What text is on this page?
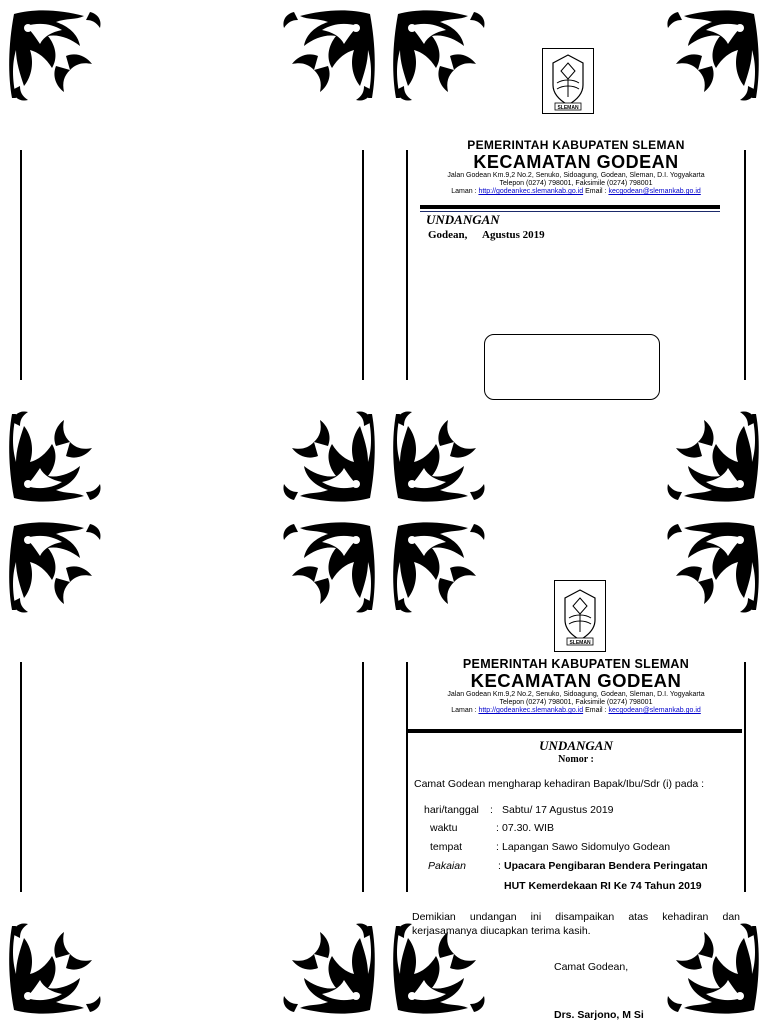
SLEMAN
PEMERINTAH KABUPATEN SLEMAN
KECAMATAN GODEAN
Jalan Godean Km.9,2 No.2, Senuko, Sidoagung, Godean, Sleman, D.I. Yogyakarta
Telepon (0274) 798001, Faksimile (0274) 798001
Laman : http://godeankec.slemankab.go.id Email : kecgodean@slemankab.go.id
UNDANGAN
Godean, Agustus 2019
SLEMAN
PEMERINTAH KABUPATEN SLEMAN
KECAMATAN GODEAN
Jalan Godean Km.9,2 No.2, Senuko, Sidoagung, Godean, Sleman, D.I. Yogyakarta
Telepon (0274) 798001, Faksimile (0274) 798001
Laman : http://godeankec.slemankab.go.id Email : kecgodean@slemankab.go.id
UNDANGAN
Nomor :
Camat Godean mengharap kehadiran Bapak/Ibu/Sdr (i) pada :
hari/tanggal : Sabtu/ 17 Agustus 2019
waktu	: 07.30. WIB
tempat	: Lapangan Sawo Sidomulyo Godean
Pakaian	: Upacara Pengibaran Bendera Peringatan
HUT Kemerdekaan RI Ke 74 Tahun 2019
Demikian undangan ini disampaikan atas kehadiran dan kerjasamanya diucapkan terima kasih.
Camat Godean,
Drs. Sarjono, M Si
